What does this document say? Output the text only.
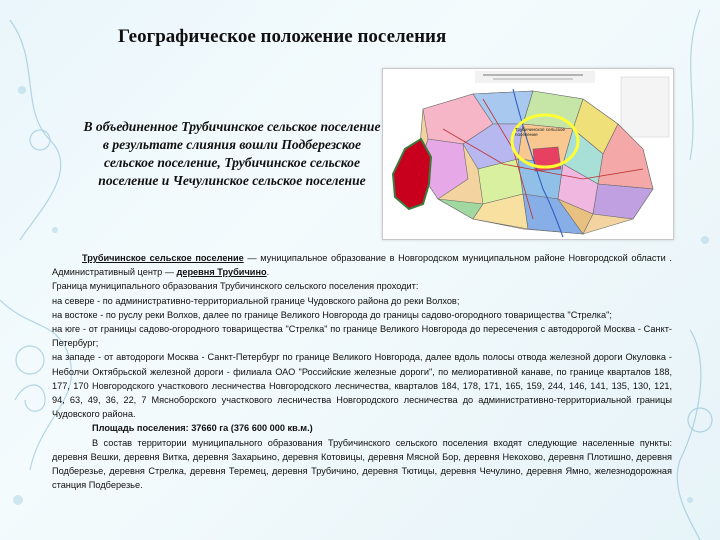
Географическое положение поселения
В объединенное Трубичинское сельское поселение в результате слияния вошли Подберезское сельское поселение, Трубичинское сельское поселение и Чечулинское сельское поселение
Трубичинское сельское поселение

Трубичинское сельское поселение — муниципальное образование в Новгородском муниципальном районе Новгородской области . Административный центр — деревня Трубичино.

Граница муниципального образования Трубичинского сельского поселения проходит:

на севере - по административно-территориальной границе Чудовского района до реки Волхов;

на востоке - по руслу реки Волхов, далее по границе Великого Новгорода до границы садово-огородного товарищества "Стрелка";

на юге - от границы садово-огородного товарищества "Стрелка" по границе Великого Новгорода до пересечения с автодорогой Москва - Санкт-Петербург;

на западе - от автодороги Москва - Санкт-Петербург по границе Великого Новгорода, далее вдоль полосы отвода железной дороги Окуловка - Неболчи Октябрьской железной дороги - филиала ОАО "Российские железные дороги", по мелиоративной канаве, по границе кварталов 188, 177, 170 Новгородского участкового лесничества Новгородского лесничества, кварталов 184, 178, 171, 165, 159, 244, 146, 141, 135, 130, 121, 94, 63, 49, 36, 22, 7 Мясноборского участкового лесничества Новгородского лесничества до административно-территориальной границы Чудовского района.

Площадь поселения: 37660 га (376 600 000 кв.м.)

В состав территории муниципального образования Трубичинского сельского поселения входят следующие населенные пункты: деревня Вешки, деревня Витка, деревня Захарьино, деревня Котовицы, деревня Мясной Бор, деревня Некохово, деревня Плотишно, деревня Подберезье, деревня Стрелка, деревня Теремец, деревня Трубичино, деревня Тютицы, деревня Чечулино, деревня Ямно, железнодорожная станция Подберезье.
